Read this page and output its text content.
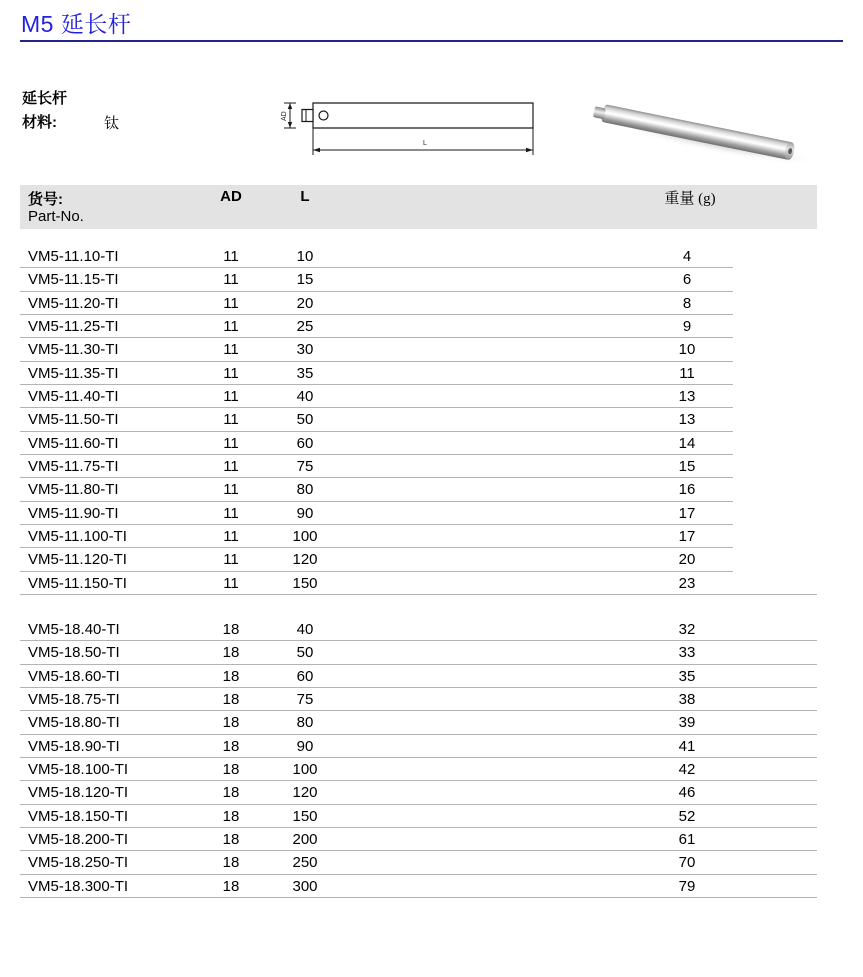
M5 延长杆
延长杆
材料:	钛	AD
L
货号:
Part-No.
AD	L	重量 (g)
VM5-11.10-TI	11	10	4
VM5-11.15-TI	11	15	6
VM5-11.20-TI	11	20	8
VM5-11.25-TI	11	25	9
VM5-11.30-TI	11	30	10
VM5-11.35-TI	11	35	11
VM5-11.40-TI	11	40	13
VM5-11.50-TI	11	50	13
VM5-11.60-TI	11	60	14
VM5-11.75-TI	11	75	15
VM5-11.80-TI	11	80	16
VM5-11.90-TI	11	90	17
VM5-11.100-TI	11	100	17
VM5-11.120-TI	11	120	20
VM5-11.150-TI	11	150	23
VM5-18.40-TI	18	40	32
VM5-18.50-TI	18	50	33
VM5-18.60-TI	18	60	35
VM5-18.75-TI	18	75	38
VM5-18.80-TI	18	80	39
VM5-18.90-TI	18	90	41
VM5-18.100-TI	18	100	42
VM5-18.120-TI	18	120	46
VM5-18.150-TI	18	150	52
VM5-18.200-TI	18	200	61
VM5-18.250-TI	18	250	70
VM5-18.300-TI	18	300	79
